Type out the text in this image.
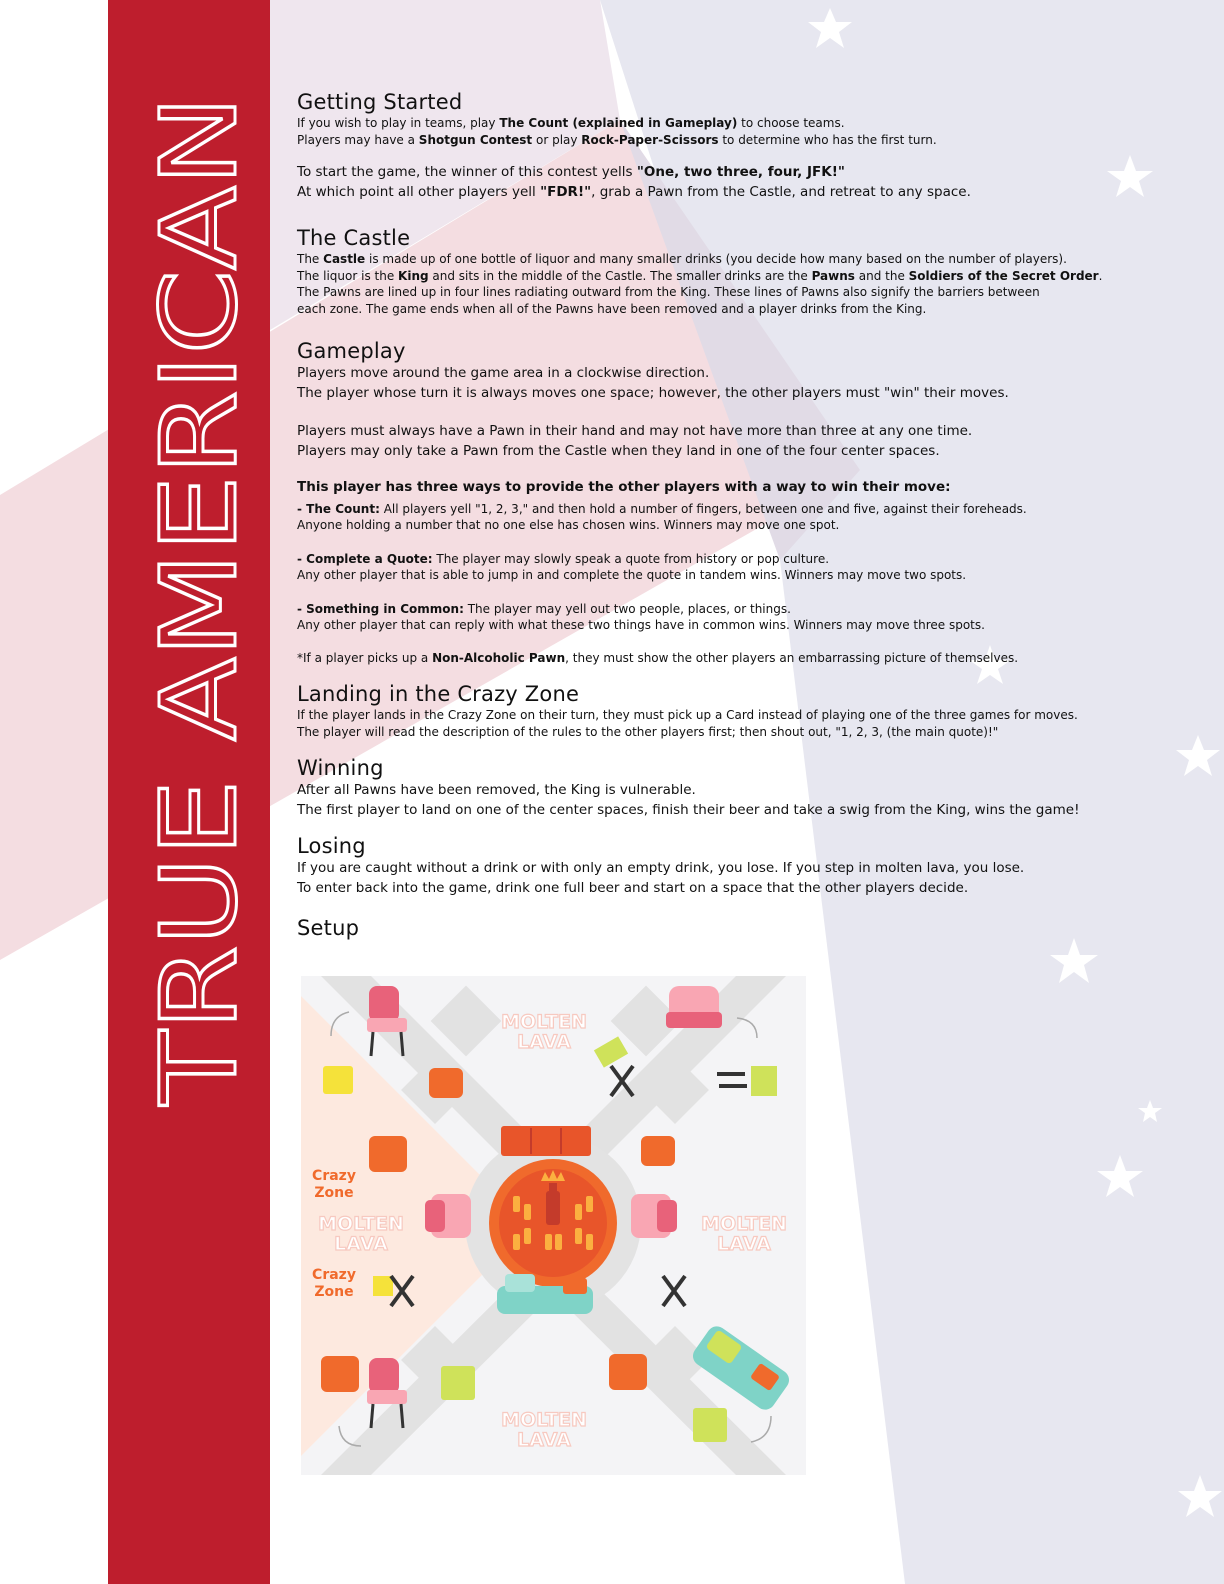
TRUE AMERICAN
Getting Started

If you wish to play in teams, play The Count (explained in Gameplay) to choose teams.

Players may have a Shotgun Contest or play Rock-Paper-Scissors to determine who has the first turn.

To start the game, the winner of this contest yells "One, two three, four, JFK!"

At which point all other players yell "FDR!", grab a Pawn from the Castle, and retreat to any space.

The Castle

The Castle is made up of one bottle of liquor and many smaller drinks (you decide how many based on the number of players).

The liquor is the King and sits in the middle of the Castle. The smaller drinks are the Pawns and the Soldiers of the Secret Order.

The Pawns are lined up in four lines radiating outward from the King. These lines of Pawns also signify the barriers between

each zone. The game ends when all of the Pawns have been removed and a player drinks from the King.

Gameplay

Players move around the game area in a clockwise direction.

The player whose turn it is always moves one space; however, the other players must "win" their moves.

Players must always have a Pawn in their hand and may not have more than three at any one time.

Players may only take a Pawn from the Castle when they land in one of the four center spaces.

This player has three ways to provide the other players with a way to win their move:

- The Count: All players yell "1, 2, 3," and then hold a number of fingers, between one and five, against their foreheads.

Anyone holding a number that no one else has chosen wins. Winners may move one spot.

- Complete a Quote: The player may slowly speak a quote from history or pop culture.

Any other player that is able to jump in and complete the quote in tandem wins. Winners may move two spots.

- Something in Common: The player may yell out two people, places, or things.

Any other player that can reply with what these two things have in common wins. Winners may move three spots.

*If a player picks up a Non-Alcoholic Pawn, they must show the other players an embarrassing picture of themselves.

Landing in the Crazy Zone

If the player lands in the Crazy Zone on their turn, they must pick up a Card instead of playing one of the three games for moves.

The player will read the description of the rules to the other players first; then shout out, "1, 2, 3, (the main quote)!"

Winning

After all Pawns have been removed, the King is vulnerable.

The first player to land on one of the center spaces, finish their beer and take a swig from the King, wins the game!

Losing

If you are caught without a drink or with only an empty drink, you lose. If you step in molten lava, you lose.

To enter back into the game, drink one full beer and start on a space that the other players decide.

Setup
MOLTEN
LAVA
MOLTEN
LAVA
MOLTEN
LAVA
MOLTEN
LAVA
Crazy
Zone
Crazy
Zone
